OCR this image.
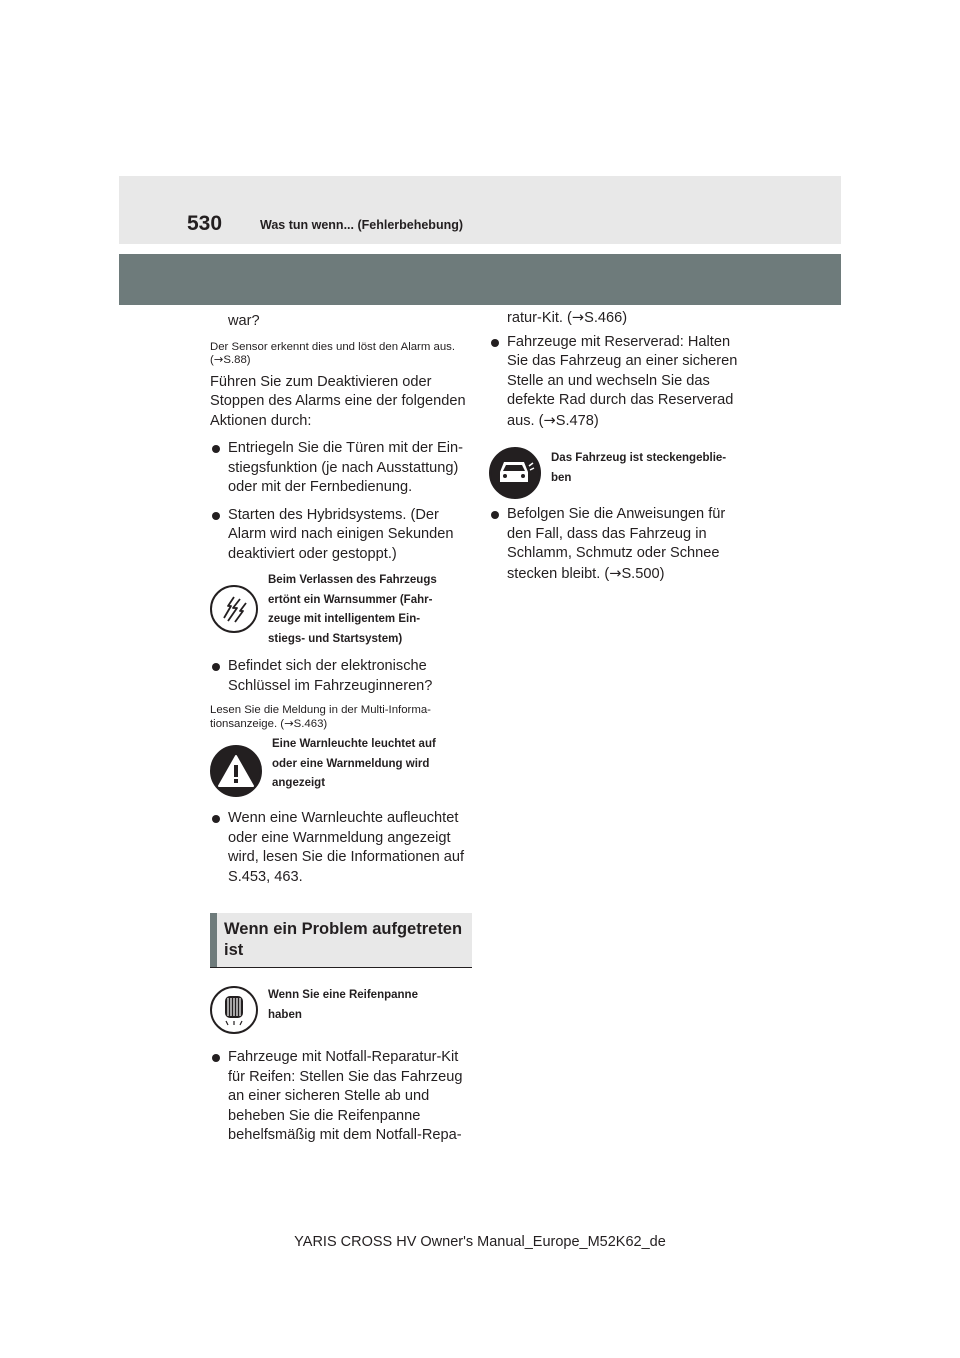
530	Was tun wenn... (Fehlerbehebung)
war?
Der Sensor erkennt dies und löst den Alarm aus. (→S.88)
Führen Sie zum Deaktivieren oder Stoppen des Alarms eine der folgenden Aktionen durch:
Entriegeln Sie die Türen mit der Ein-stiegsfunktion (je nach Ausstattung) oder mit der Fernbedienung.
Starten des Hybridsystems. (Der Alarm wird nach einigen Sekunden deaktiviert oder gestoppt.)
Beim Verlassen des Fahrzeugs
ertönt ein Warnsummer (Fahr-
zeuge mit intelligentem Ein-
stiegs- und Startsystem)
Befindet sich der elektronische Schlüssel im Fahrzeuginneren?
Lesen Sie die Meldung in der Multi-Informa-tionsanzeige. (→S.463)
Eine Warnleuchte leuchtet auf
oder eine Warnmeldung wird
angezeigt
Wenn eine Warnleuchte aufleuchtet oder eine Warnmeldung angezeigt wird, lesen Sie die Informationen auf S.453, 463.
Wenn ein Problem aufgetreten ist
Wenn Sie eine Reifenpanne
haben
Fahrzeuge mit Notfall-Reparatur-Kit für Reifen: Stellen Sie das Fahrzeug an einer sicheren Stelle ab und beheben Sie die Reifenpanne behelfsmäßig mit dem Notfall-Repa-
ratur-Kit. (→S.466)
Fahrzeuge mit Reserverad: Halten Sie das Fahrzeug an einer sicheren Stelle an und wechseln Sie das defekte Rad durch das Reserverad aus. (→S.478)
Das Fahrzeug ist steckengeblie-
ben
Befolgen Sie die Anweisungen für den Fall, dass das Fahrzeug in Schlamm, Schmutz oder Schnee stecken bleibt. (→S.500)
YARIS CROSS HV Owner's Manual_Europe_M52K62_de
